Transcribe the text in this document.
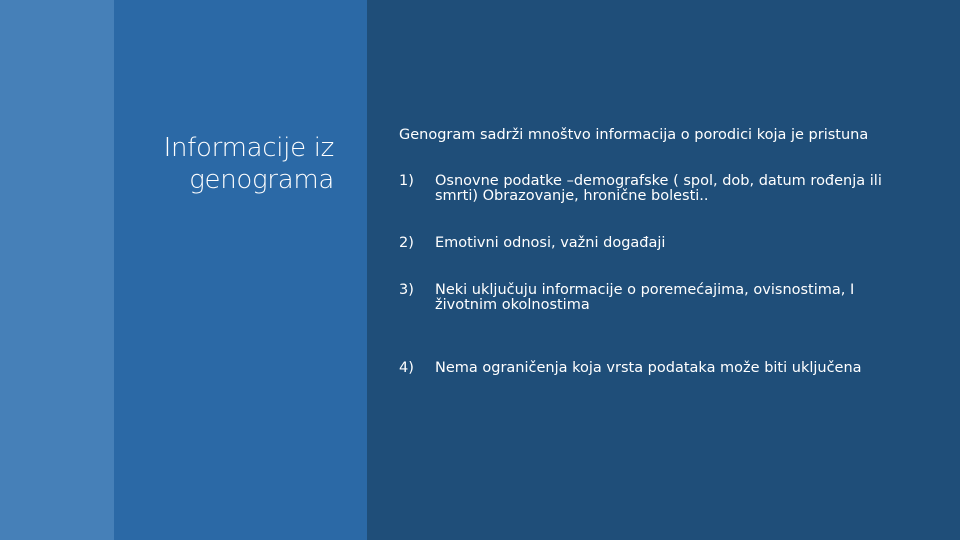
Informacije iz genograma

Genogram sadrži mnoštvo informacija o porodici koja je pristuna

1) Osnovne podatke –demografske ( spol, dob, datum rođenja ili smrti) Obrazovanje, hronične bolesti..
2) Emotivni odnosi, važni događaji
3) Neki uključuju informacije o poremećajima, ovisnostima, I životnim okolnostima
4) Nema ograničenja koja vrsta podataka može biti uključena
